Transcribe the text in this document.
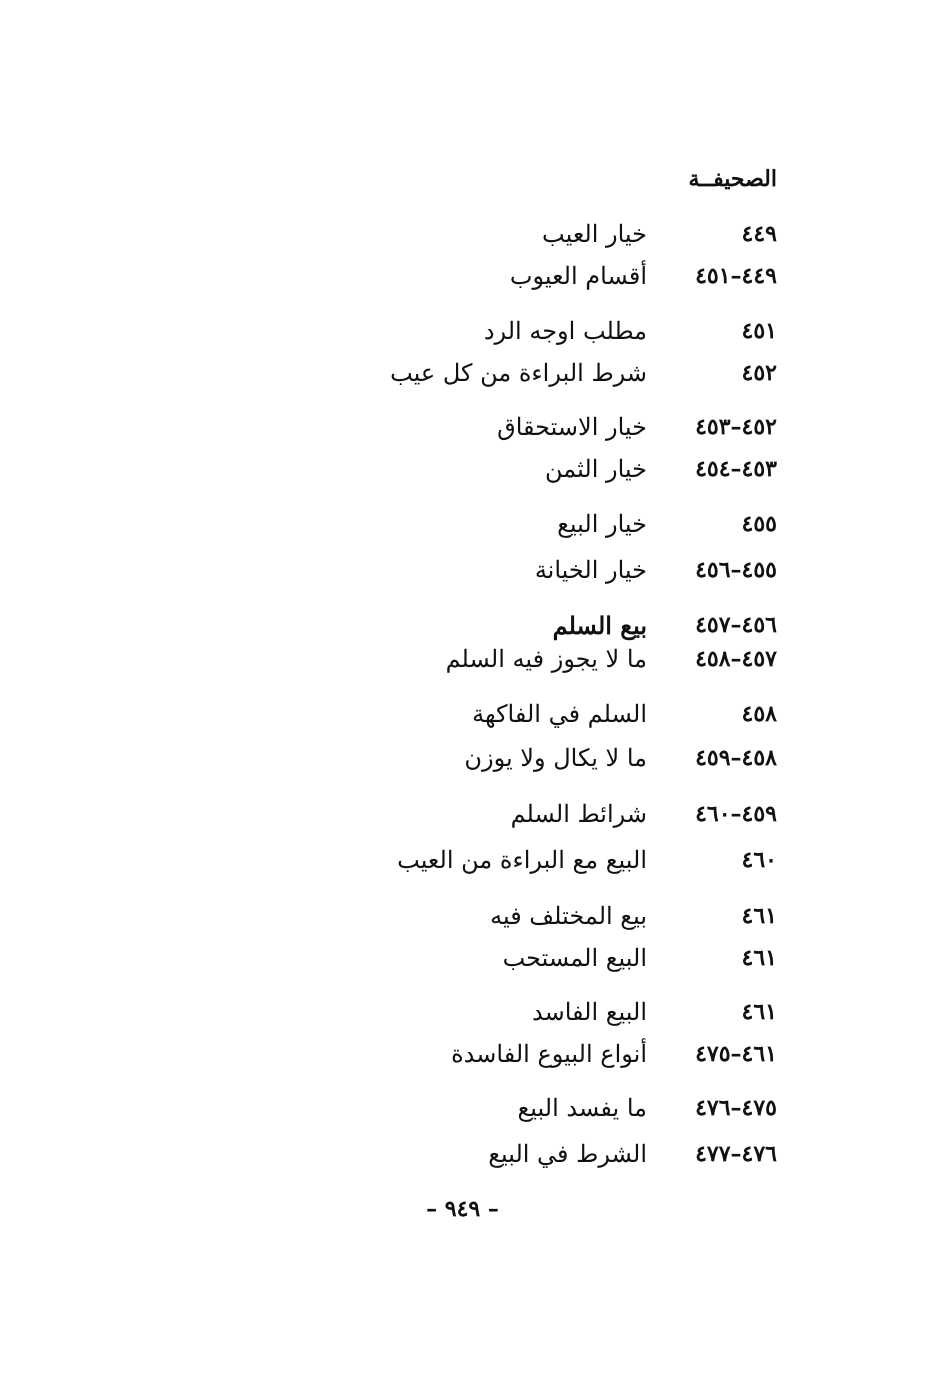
الصحيفــة
٤٤٩
خيار العيب
٤٤٩–٤٥١
أقسام العيوب
٤٥١
مطلب اوجه الرد
٤٥٢
شرط البراءة من كل عيب
٤٥٢–٤٥٣
خيار الاستحقاق
٤٥٣–٤٥٤
خيار الثمن
٤٥٥
خيار البيع
٤٥٥–٤٥٦
خيار الخيانة
٤٥٦–٤٥٧
بيع السلم
٤٥٧–٤٥٨
ما لا يجوز فيه السلم
٤٥٨
السلم في الفاكهة
٤٥٨–٤٥٩
ما لا يكال ولا يوزن
٤٥٩–٤٦٠
شرائط السلم
٤٦٠
البيع مع البراءة من العيب
٤٦١
بيع المختلف فيه
٤٦١
البيع المستحب
٤٦١
البيع الفاسد
٤٦١–٤٧٥
أنواع البيوع الفاسدة
٤٧٥–٤٧٦
ما يفسد البيع
٤٧٦–٤٧٧
الشرط في البيع
– ٩٤٩ –
